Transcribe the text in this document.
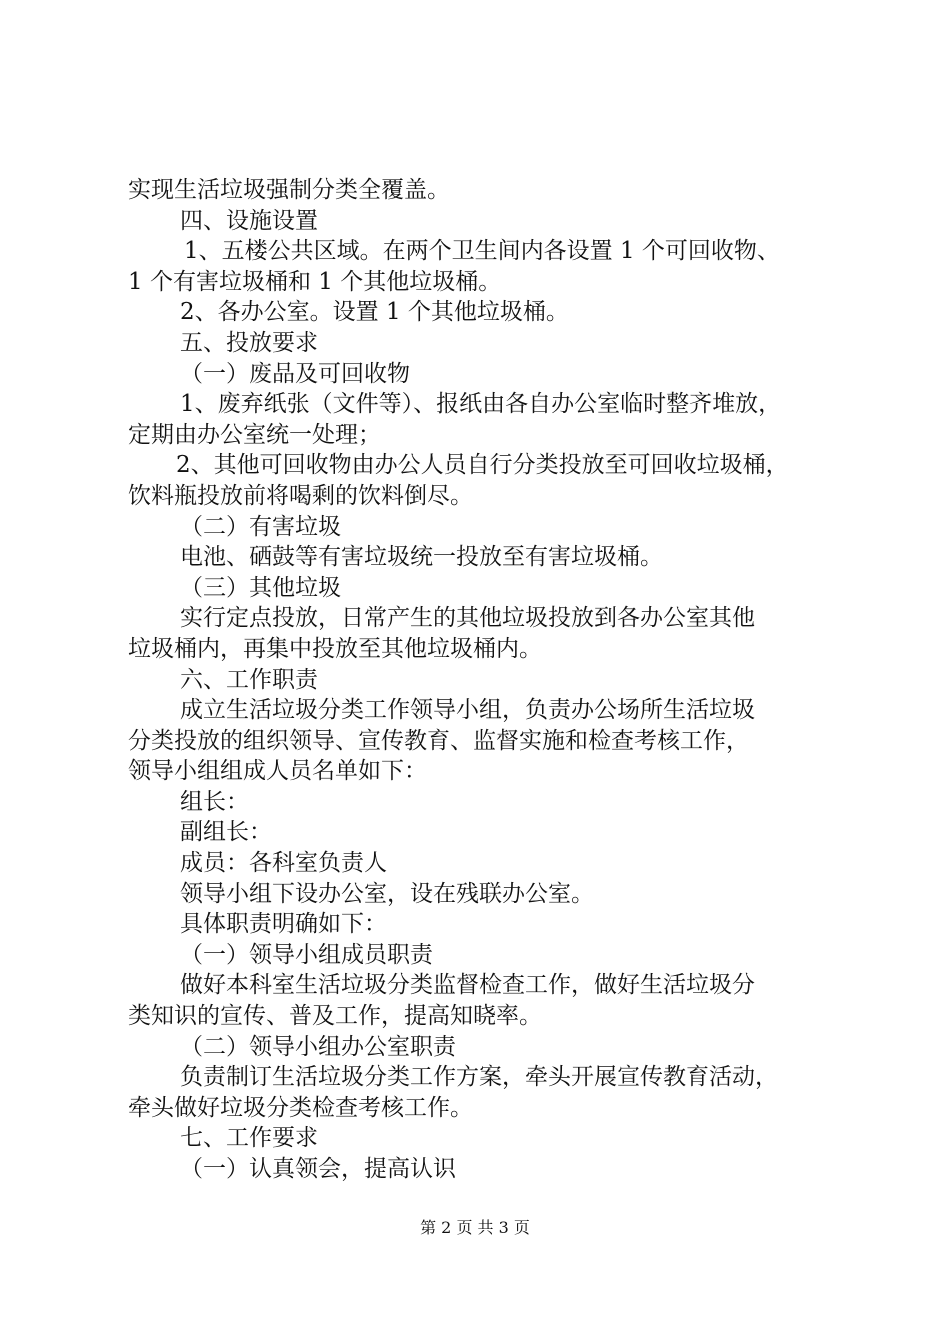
实现生活垃圾强制分类全覆盖。
四、设施设置
1、五楼公共区域。在两个卫生间内各设置 1 个可回收物、
1 个有害垃圾桶和 1 个其他垃圾桶。
2、各办公室。设置 1 个其他垃圾桶。
五、投放要求
（一）废品及可回收物
1、废弃纸张（文件等）、报纸由各自办公室临时整齐堆放，
定期由办公室统一处理；
2、其他可回收物由办公人员自行分类投放至可回收垃圾桶，
饮料瓶投放前将喝剩的饮料倒尽。
（二）有害垃圾
电池、硒鼓等有害垃圾统一投放至有害垃圾桶。
（三）其他垃圾
实行定点投放，日常产生的其他垃圾投放到各办公室其他
垃圾桶内，再集中投放至其他垃圾桶内。
六、工作职责
成立生活垃圾分类工作领导小组，负责办公场所生活垃圾
分类投放的组织领导、宣传教育、监督实施和检查考核工作，
领导小组组成人员名单如下：
组长：
副组长：
成员：各科室负责人
领导小组下设办公室，设在残联办公室。
具体职责明确如下：
（一）领导小组成员职责
做好本科室生活垃圾分类监督检查工作，做好生活垃圾分
类知识的宣传、普及工作，提高知晓率。
（二）领导小组办公室职责
负责制订生活垃圾分类工作方案，牵头开展宣传教育活动，
牵头做好垃圾分类检查考核工作。
七、工作要求
（一）认真领会，提高认识
第 2 页 共 3 页
